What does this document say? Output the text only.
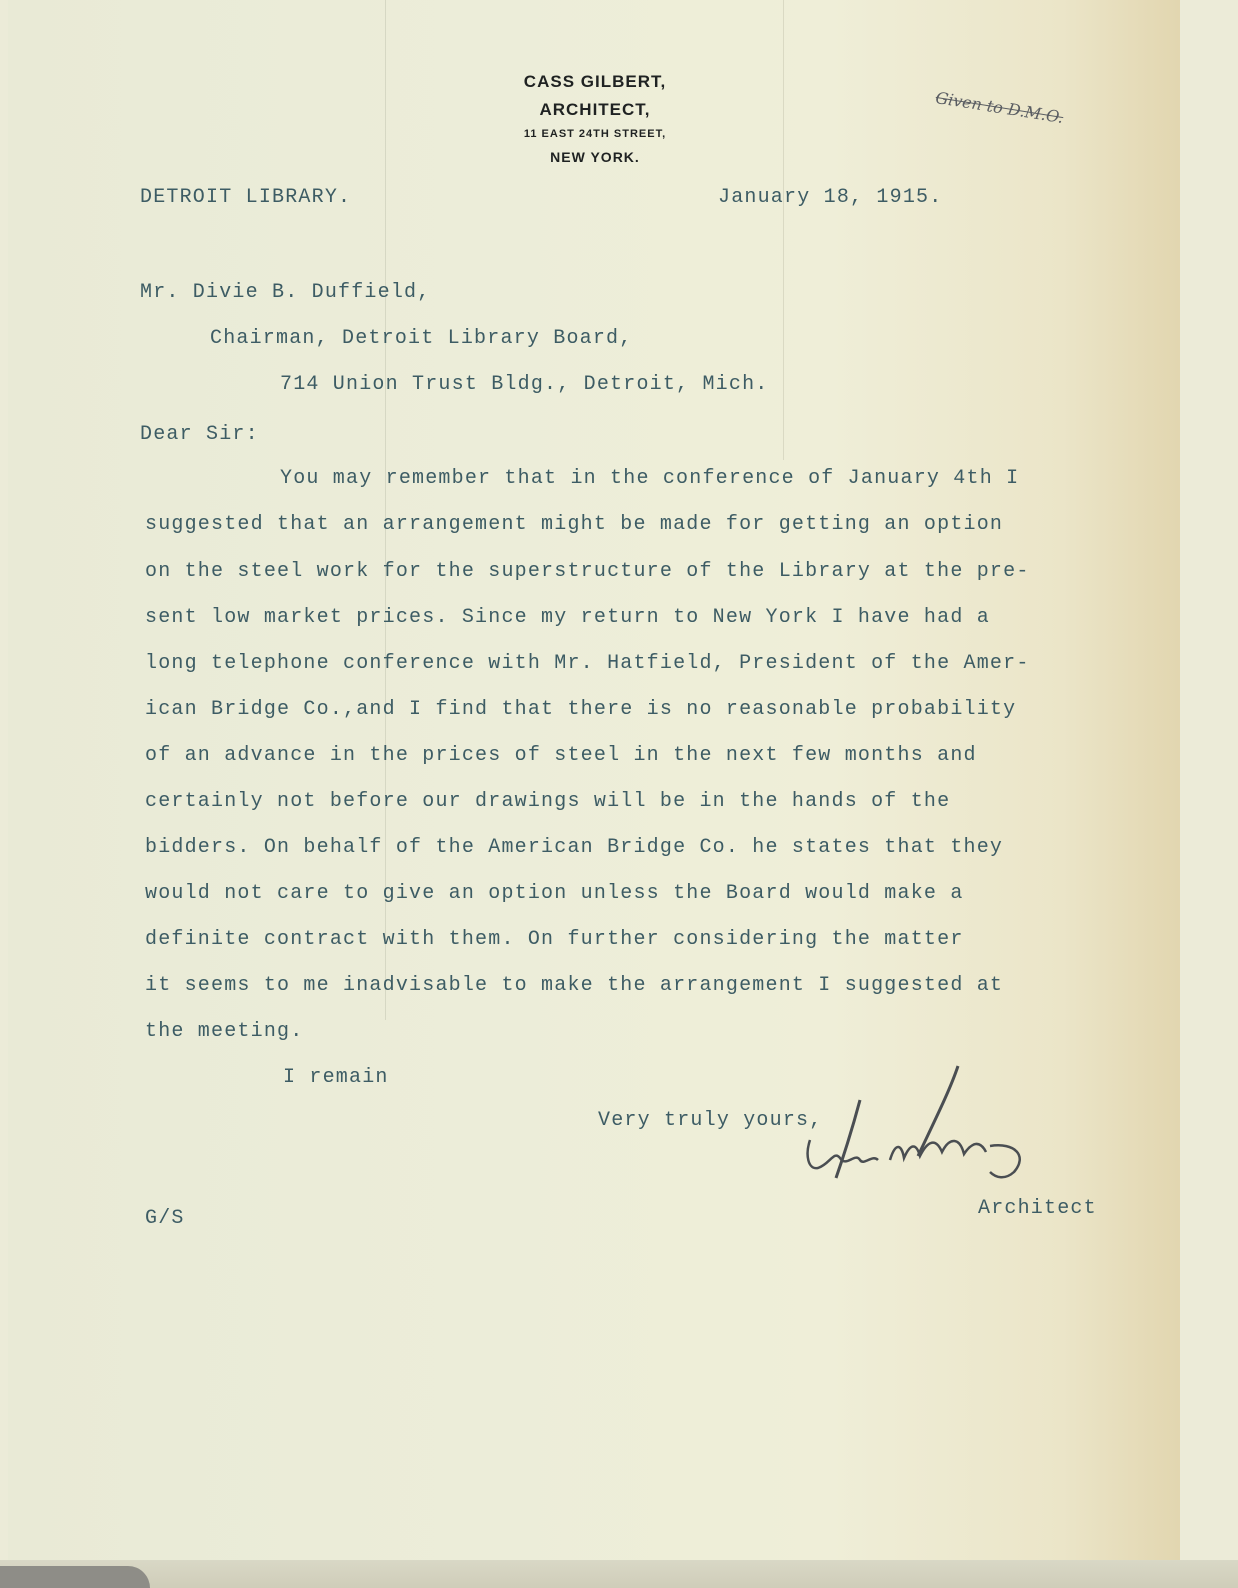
CASS GILBERT,
ARCHITECT,
11 EAST 24TH STREET,
NEW YORK.
Given to D.M.O.
DETROIT LIBRARY.	January 18, 1915.
Mr. Divie B. Duffield,
Chairman, Detroit Library Board,
714 Union Trust Bldg., Detroit, Mich.
Dear Sir:
You may remember that in the conference of January 4th I
suggested that an arrangement might be made for getting an option
on the steel work for the superstructure of the Library at the pre-
sent low market prices. Since my return to New York I have had a
long telephone conference with Mr. Hatfield, President of the Amer-
ican Bridge Co.,and I find that there is no reasonable probability
of an advance in the prices of steel in the next few months and
certainly not before our drawings will be in the hands of the
bidders. On behalf of the American Bridge Co. he states that they
would not care to give an option unless the Board would make a
definite contract with them. On further considering the matter
it seems to me inadvisable to make the arrangement I suggested at
the meeting.
I remain
Very truly yours,
Architect
G/S
